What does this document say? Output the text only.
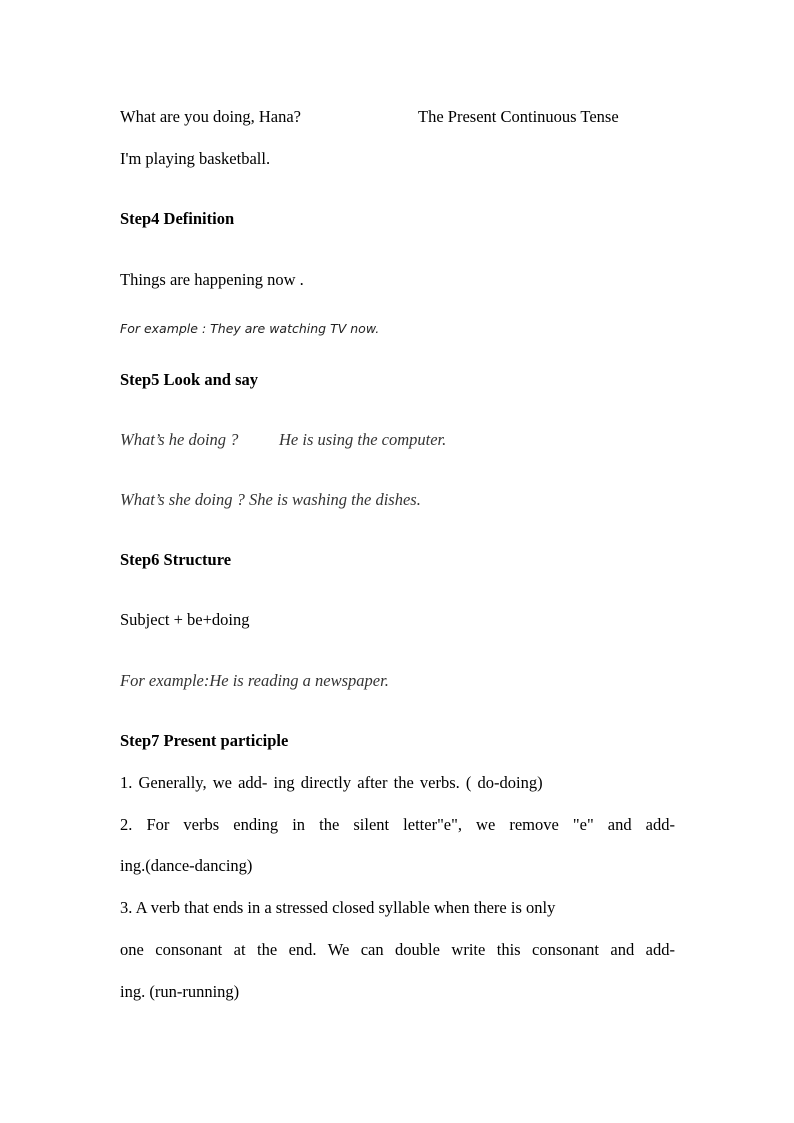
What are you doing, Hana?	The Present Continuous Tense
I'm playing basketball.
Step4 Definition
Things are happening now .
For example : They are watching TV now.
Step5 Look and say
What’s he doing ? He is using the computer.
What’s she doing ? She is washing the dishes.
Step6 Structure
Subject + be+doing
For example:He is reading a newspaper.
Step7 Present participle
1. Generally, we add- ing directly after the verbs. ( do-doing)
2. For verbs ending in the silent letter"e", we remove "e" and add-
ing.(dance-dancing)
3. A verb that ends in a stressed closed syllable when there is only
one consonant at the end. We can double write this consonant and add-
ing. (run-running)
